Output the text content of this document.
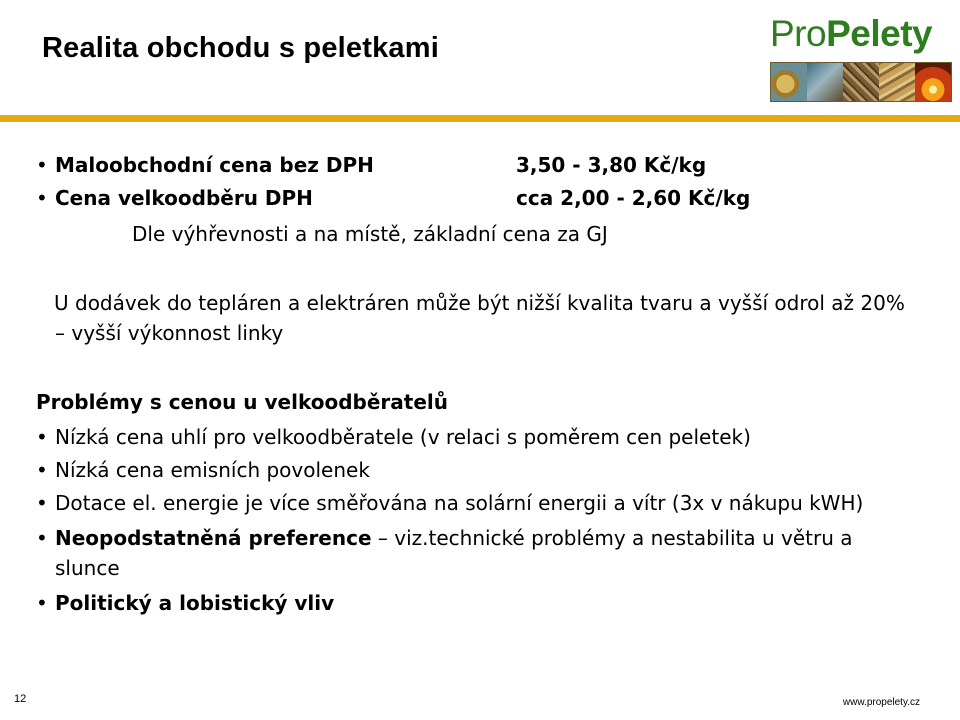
Realita obchodu s peletkami	ProPelety
• Maloobchodní cena bez DPH	3,50 - 3,80 Kč/kg
• Cena velkoodběru DPH	cca 2,00 - 2,60 Kč/kg
Dle výhřevnosti a na místě, základní cena za GJ
U dodávek do tepláren a elektráren může být nižší kvalita tvaru a vyšší odrol až 20%
– vyšší výkonnost linky
Problémy s cenou u velkoodběratelů
• Nízká cena uhlí pro velkoodběratele (v relaci s poměrem cen peletek)
• Nízká cena emisních povolenek
• Dotace el. energie je více směřována na solární energii a vítr (3x v nákupu kWH)
• Neopodstatněná preference – viz.technické problémy a nestabilita u větru a
slunce
• Politický a lobistický vliv
12	www.propelety.cz
